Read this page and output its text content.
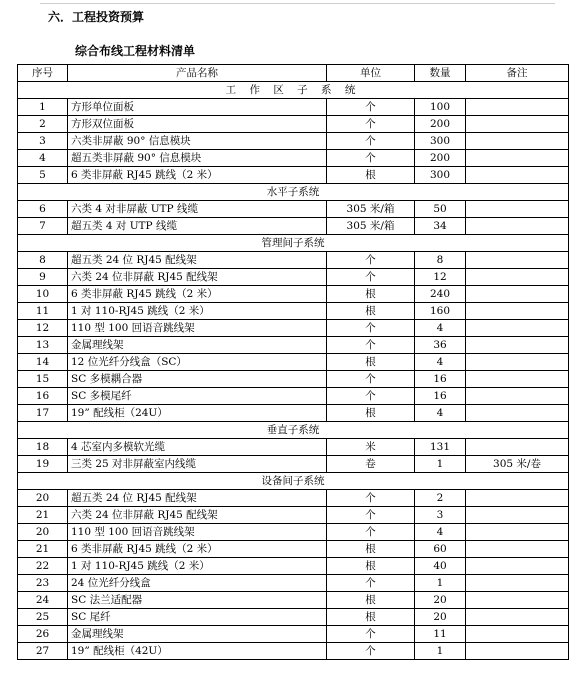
六．工程投资预算
综合布线工程材料清单
序号	产品名称	单位	数量	备注
工 作 区 子 系 统				
1	方形单位面板	个	100	
2	方形双位面板	个	200	
3	六类非屏蔽 90° 信息模块	个	300	
4	超五类非屏蔽 90° 信息模块	个	200	
5	6 类非屏蔽 RJ45 跳线（2 米）	根	300	
水平子系统				
6	六类 4 对非屏蔽 UTP 线缆	305 米/箱	50	
7	超五类 4 对 UTP 线缆	305 米/箱	34	
管理间子系统				
8	超五类 24 位 RJ45 配线架	个	8	
9	六类 24 位非屏蔽 RJ45 配线架	个	12	
10	6 类非屏蔽 RJ45 跳线（2 米）	根	240	
11	1 对 110-RJ45 跳线（2 米）	根	160	
12	110 型 100 回语音跳线架	个	4	
13	金属理线架	个	36	
14	12 位光纤分线盒（SC）	根	4	
15	SC 多模耦合器	个	16	
16	SC 多模尾纤	个	16	
17	19” 配线柜（24U）	根	4	
垂直子系统				
18	4 芯室内多模软光缆	米	131	
19	三类 25 对非屏蔽室内线缆	卷	1	305 米/卷
设备间子系统				
20	超五类 24 位 RJ45 配线架	个	2	
21	六类 24 位非屏蔽 RJ45 配线架	个	3	
20	110 型 100 回语音跳线架	个	4	
21	6 类非屏蔽 RJ45 跳线（2 米）	根	60	
22	1 对 110-RJ45 跳线（2 米）	根	40	
23	24 位光纤分线盒	个	1	
24	SC 法兰适配器	根	20	
25	SC 尾纤	根	20	
26	金属理线架	个	11	
27	19” 配线柜（42U）	个	1	
